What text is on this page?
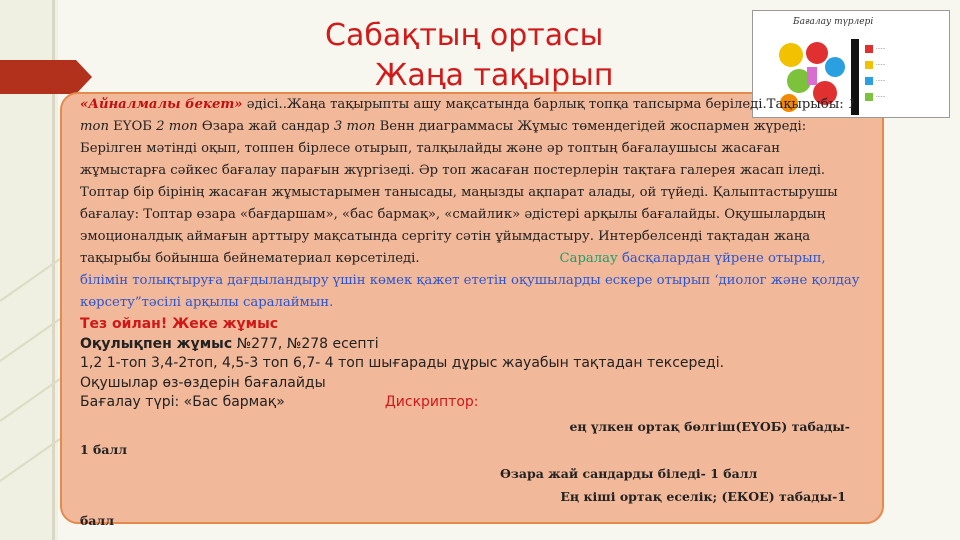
Сабақтың ортасы
Жаңа тақырып
Бағалау түрлері
······
······
······
······
«Айналмалы бекет» әдісі..Жаңа тақырыпты ашу мақсатында барлық топқа тапсырма беріледі.Тақырыбы: 1 топ ЕҮОБ 2 топ Өзара жай сандар 3 топ Венн диаграммасы Жұмыс төмендегідей жоспармен жүреді: Берілген мәтінді оқып, топпен бірлесе отырып, талқылайды және әр топтың бағалаушысы жасаған жұмыстарға сәйкес бағалау парағын жүргізеді. Әр топ жасаған постерлерін тақтаға галерея жасап іледі. Топтар бір бірінің жасаған жұмыстарымен танысады, маңызды ақпарат алады, ой түйеді. Қалыптастырушы бағалау: Топтар өзара «бағдаршам», «бас бармақ», «смайлик» әдістері арқылы бағалайды. Оқушылардың эмоционалдық аймағын арттыру мақсатында сергіту сәтін ұйымдастыру. Интербелсенді тақтадан жаңа тақырыбы бойынша бейнематериал көрсетіледі.	Саралау басқалардан үйрене отырып, білімін толықтыруға дағдыландыру үшін көмек қажет ететін оқушыларды ескере отырып ‘диолог және қолдау көрсету”тәсілі арқылы саралаймын.
Тез ойлан! Жеке жұмыс
Оқулықпен жұмыс №277, №278 есепті
1,2 1-топ 3,4-2топ, 4,5-3 топ 6,7- 4 топ шығарады дұрыс жауабын тақтадан тексереді.
Оқушылар өз-өздерін бағалайды
Бағалау түрі: «Бас бармақ»	Дискриптор:
ең үлкен ортақ бөлгіш(ЕҮОБ) табады-
1 балл
Өзара жай сандарды біледі- 1 балл
Ең кіші ортақ еселік; (ЕКОЕ) табады-1
балл
